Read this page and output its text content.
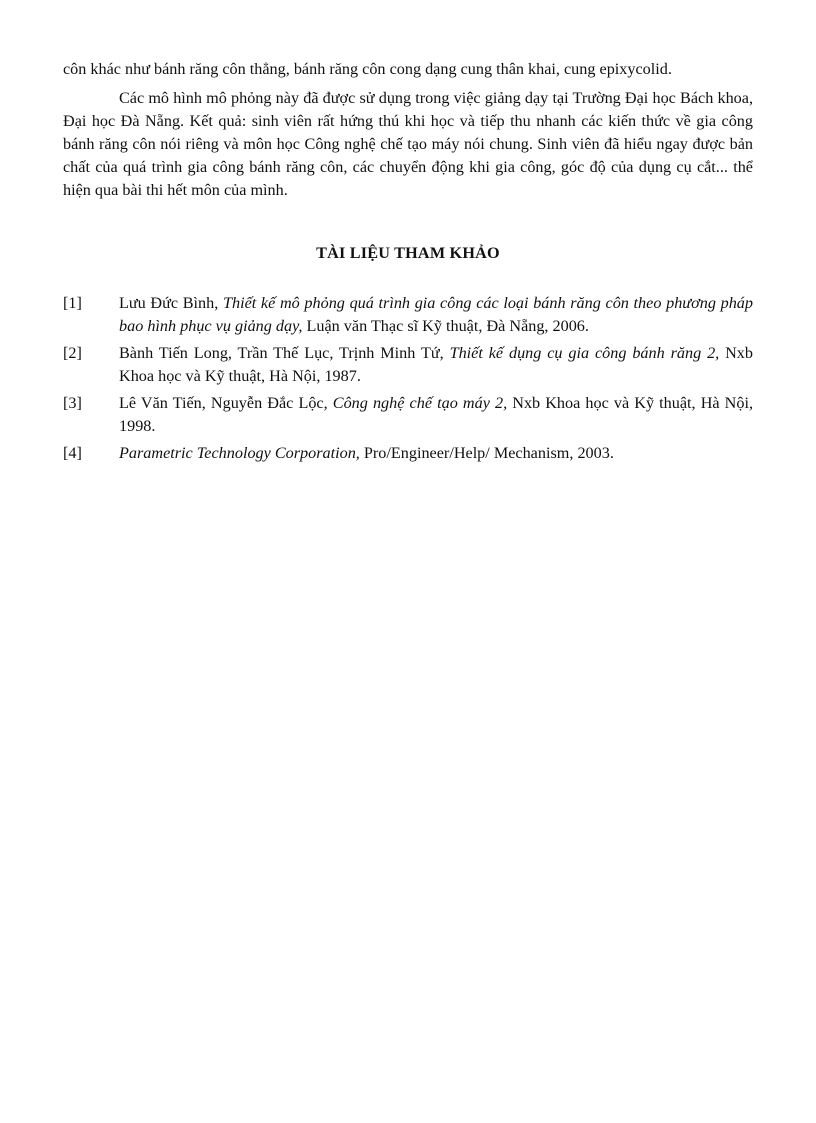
côn khác như bánh răng côn thẳng, bánh răng côn cong dạng cung thân khai, cung epixycolid.

Các mô hình mô phỏng này đã được sử dụng trong việc giảng dạy tại Trường Đại học Bách khoa, Đại học Đà Nẵng. Kết quả: sinh viên rất hứng thú khi học và tiếp thu nhanh các kiến thức về gia công bánh răng côn nói riêng và môn học Công nghệ chế tạo máy nói chung. Sinh viên đã hiểu ngay được bản chất của quá trình gia công bánh răng côn, các chuyển động khi gia công, góc độ của dụng cụ cắt... thể hiện qua bài thi hết môn của mình.

TÀI LIỆU THAM KHẢO
[1]	Lưu Đức Bình, Thiết kế mô phỏng quá trình gia công các loại bánh răng côn theo phương pháp bao hình phục vụ giảng dạy, Luận văn Thạc sĩ Kỹ thuật, Đà Nẵng, 2006.
[2]	Bành Tiến Long, Trần Thế Lục, Trịnh Minh Tứ, Thiết kế dụng cụ gia công bánh răng 2, Nxb Khoa học và Kỹ thuật, Hà Nội, 1987.
[3]	Lê Văn Tiến, Nguyễn Đắc Lộc, Công nghệ chế tạo máy 2, Nxb Khoa học và Kỹ thuật, Hà Nội, 1998.
[4]	Parametric Technology Corporation, Pro/Engineer/Help/ Mechanism, 2003.
